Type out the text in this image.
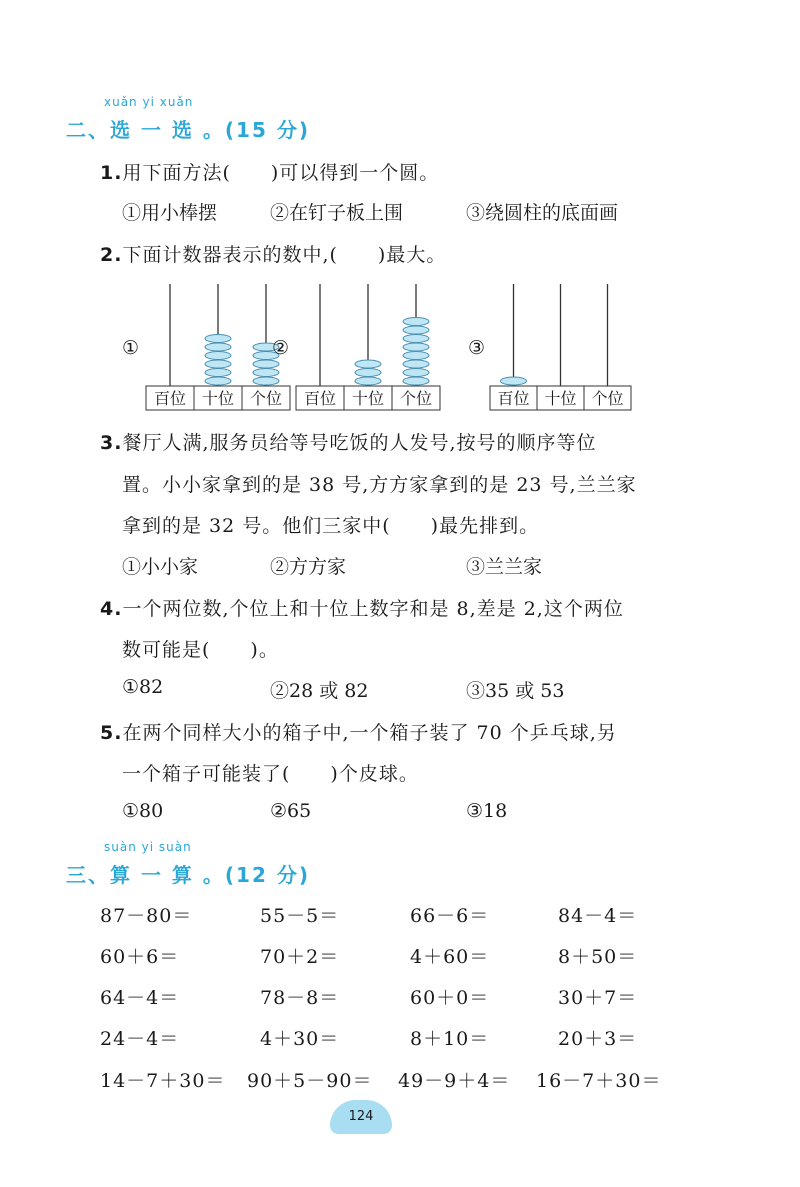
xuǎn yi xuǎn
二、选 一 选 。(15 分)
1.用下面方法(　　)可以得到一个圆。
①用小棒摆	②在钉子板上围	③绕圆柱的底面画
2.下面计数器表示的数中,(　　)最大。
①
百位 十位 个位
②
百位 十位 个位
③
百位 十位 个位
3.餐厅人满,服务员给等号吃饭的人发号,按号的顺序等位
置。小小家拿到的是 38 号,方方家拿到的是 23 号,兰兰家
拿到的是 32 号。他们三家中(　　)最先排到。
①小小家	②方方家	③兰兰家
4.一个两位数,个位上和十位上数字和是 8,差是 2,这个两位
数可能是(　　)。
①82	②28 或 82	③35 或 53
5.在两个同样大小的箱子中,一个箱子装了 70 个乒乓球,另
一个箱子可能装了(　　)个皮球。
①80	②65	③18
suàn yi suàn
三、算 一 算 。(12 分)
87－80＝	55－5＝	66－6＝	84－4＝
60＋6＝	70＋2＝	4＋60＝	8＋50＝
64－4＝	78－8＝	60＋0＝	30＋7＝
24－4＝	4＋30＝	8＋10＝	20＋3＝
14－7＋30＝ 90＋5－90＝ 49－9＋4＝ 16－7＋30＝
124
